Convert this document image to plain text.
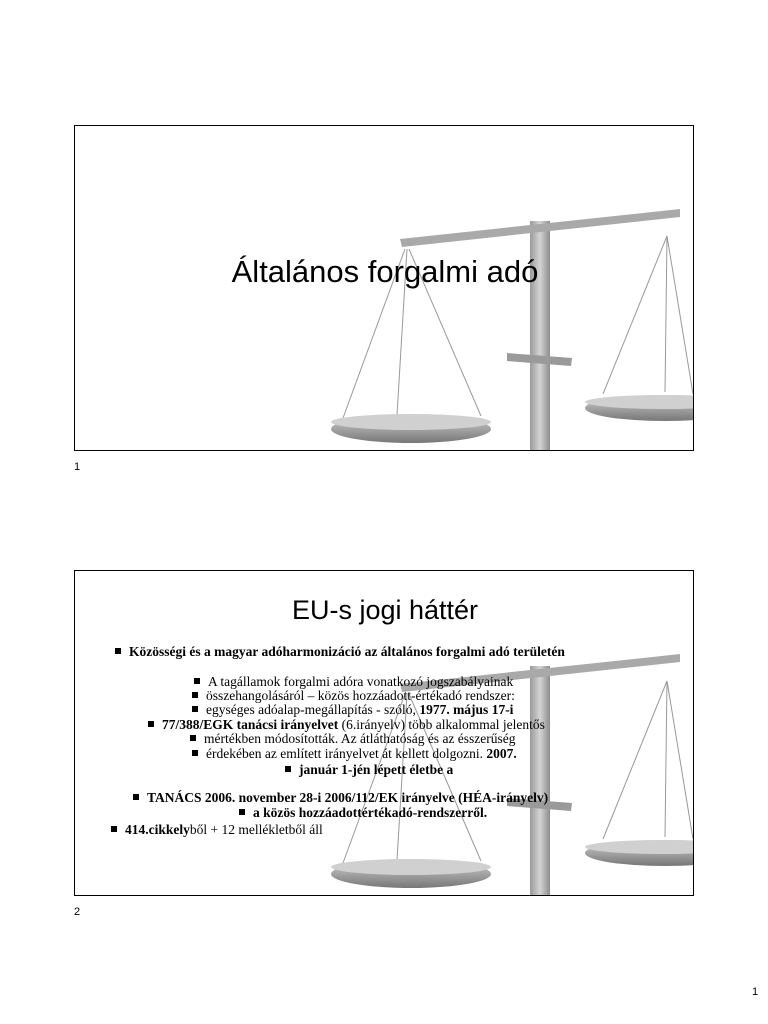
Általános forgalmi adó
1
EU-s jogi háttér
Közösségi és a magyar adóharmonizáció az általános forgalmi adó területén
A tagállamok forgalmi adóra vonatkozó jogszabályainak
összehangolásáról – közös hozzáadott-értékadó rendszer:
egységes adóalap-megállapítás - szóló, 1977. május 17-i
77/388/EGK tanácsi irányelvet (6.irányelv) több alkalommal jelentős
mértékben módosították. Az átláthatóság és az ésszerűség
érdekében az említett irányelvet át kellett dolgozni. 2007.
január 1-jén lépett életbe a
TANÁCS 2006. november 28-i 2006/112/EK irányelve (HÉA-irányelv)
a közös hozzáadottértékadó-rendszerről.
414.cikkelyből + 12 mellékletből áll
2
1
